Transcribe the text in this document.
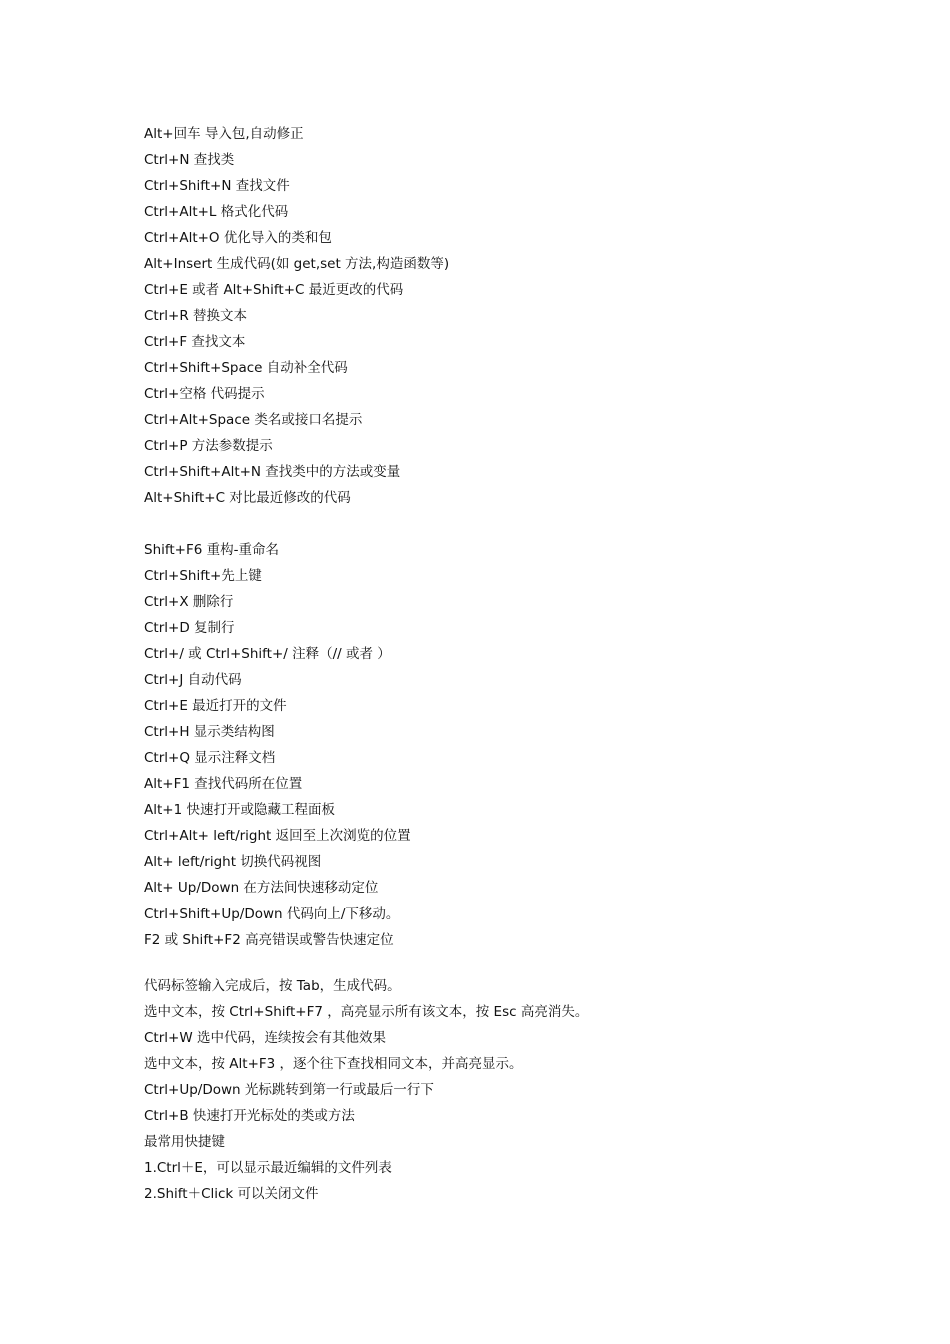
Alt+回车 导入包,自动修正
Ctrl+N 查找类
Ctrl+Shift+N 查找文件
Ctrl+Alt+L 格式化代码
Ctrl+Alt+O 优化导入的类和包
Alt+Insert 生成代码(如 get,set 方法,构造函数等)
Ctrl+E 或者 Alt+Shift+C 最近更改的代码
Ctrl+R 替换文本
Ctrl+F 查找文本
Ctrl+Shift+Space 自动补全代码
Ctrl+空格 代码提示
Ctrl+Alt+Space 类名或接口名提示
Ctrl+P 方法参数提示
Ctrl+Shift+Alt+N 查找类中的方法或变量
Alt+Shift+C 对比最近修改的代码
Shift+F6 重构-重命名
Ctrl+Shift+先上键
Ctrl+X 删除行
Ctrl+D 复制行
Ctrl+/ 或 Ctrl+Shift+/ 注释（// 或者 ）
Ctrl+J 自动代码
Ctrl+E 最近打开的文件
Ctrl+H 显示类结构图
Ctrl+Q 显示注释文档
Alt+F1 查找代码所在位置
Alt+1 快速打开或隐藏工程面板
Ctrl+Alt+ left/right 返回至上次浏览的位置
Alt+ left/right 切换代码视图
Alt+ Up/Down 在方法间快速移动定位
Ctrl+Shift+Up/Down 代码向上/下移动。
F2 或 Shift+F2 高亮错误或警告快速定位
代码标签输入完成后，按 Tab，生成代码。
选中文本，按 Ctrl+Shift+F7 ，高亮显示所有该文本，按 Esc 高亮消失。
Ctrl+W 选中代码，连续按会有其他效果
选中文本，按 Alt+F3 ，逐个往下查找相同文本，并高亮显示。
Ctrl+Up/Down 光标跳转到第一行或最后一行下
Ctrl+B 快速打开光标处的类或方法
最常用快捷键
1.Ctrl＋E，可以显示最近编辑的文件列表
2.Shift＋Click 可以关闭文件
